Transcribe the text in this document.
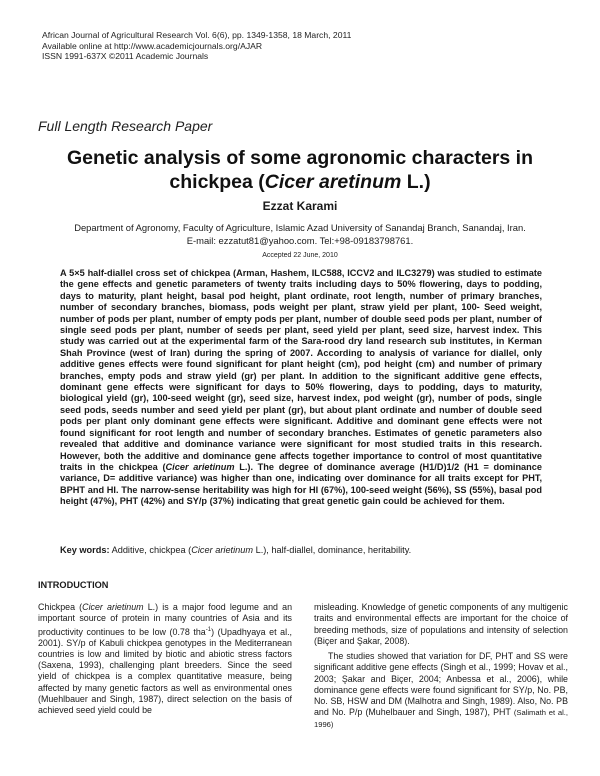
African Journal of Agricultural Research Vol. 6(6), pp. 1349-1358, 18 March, 2011
Available online at http://www.academicjournals.org/AJAR
ISSN 1991-637X ©2011 Academic Journals
Full Length Research Paper
Genetic analysis of some agronomic characters in
chickpea (Cicer aretinum L.)
Ezzat Karami
Department of Agronomy, Faculty of Agriculture, Islamic Azad University of Sanandaj Branch, Sanandaj, Iran.
E-mail: ezzatut81@yahoo.com. Tel:+98-09183798761.
Accepted 22 June, 2010
A 5×5 half-diallel cross set of chickpea (Arman, Hashem, ILC588, ICCV2 and ILC3279) was studied to estimate the gene effects and genetic parameters of twenty traits including days to 50% flowering, days to podding, days to maturity, plant height, basal pod height, plant ordinate, root length, number of primary branches, number of secondary branches, biomass, pods weight per plant, straw yield per plant, 100- Seed weight, number of pods per plant, number of empty pods per plant, number of double seed pods per plant, number of single seed pods per plant, number of seeds per plant, seed yield per plant, seed size, harvest index. This study was carried out at the experimental farm of the Sara-rood dry land research sub institutes, in Kerman Shah Province (west of Iran) during the spring of 2007. According to analysis of variance for diallel, only additive genes effects were found significant for plant height (cm), pod height (cm) and number of primary branches, empty pods and straw yield (gr) per plant. In addition to the significant additive gene effects, dominant gene effects were significant for days to 50% flowering, days to podding, days to maturity, biological yield (gr), 100-seed weight (gr), seed size, harvest index, pod weight (gr), number of pods, single seed pods, seeds number and seed yield per plant (gr), but about plant ordinate and number of double seed pods per plant only dominant gene effects were significant. Additive and dominant gene effects were not found significant for root length and number of secondary branches. Estimates of genetic parameters also revealed that additive and dominance variance were significant for most studied traits in this research. However, both the additive and dominance gene affects together importance to control of most quantitative traits in the chickpea (Cicer arietinum L.). The degree of dominance average (H1/D)1/2 (H1 = dominance variance, D= additive variance) was higher than one, indicating over dominance for all traits except for PHT, BPHT and HI. The narrow-sense heritability was high for HI (67%), 100-seed weight (56%), SS (55%), basal pod height (47%), PHT (42%) and SY/p (37%) indicating that great genetic gain could be achieved for them.
Key words: Additive, chickpea (Cicer arietinum L.), half-diallel, dominance, heritability.
INTRODUCTION

Chickpea (Cicer arietinum L.) is a major food legume and an important source of protein in many countries of Asia and its productivity continues to be low (0.78 tha$^{-1}$) (Upadhyaya et al., 2001). SY/p of Kabuli chickpea genotypes in the Mediterranean countries is low and limited by biotic and abiotic stress factors (Saxena, 1993), challenging plant breeders. Since the seed yield of chickpea is a complex quantitative measure, being affected by many genetic factors as well as environmental ones (Muehlbauer and Singh, 1987), direct selection on the basis of achieved seed yield could be

misleading. Knowledge of genetic components of any multigenic traits and environmental effects are important for the choice of breeding methods, size of populations and intensity of selection (Biçer and Şakar, 2008).

The studies showed that variation for DF, PHT and SS were significant additive gene effects (Singh et al., 1999; Hovav et al., 2003; Şakar and Biçer, 2004; Anbessa et al., 2006), while dominance gene effects were found significant for SY/p, No. PB, No. SB, HSW and DM (Malhotra and Singh, 1989). Also, No. PB and No. P/p (Muhelbauer and Singh, 1987), PHT (Salimath et al., 1996)
